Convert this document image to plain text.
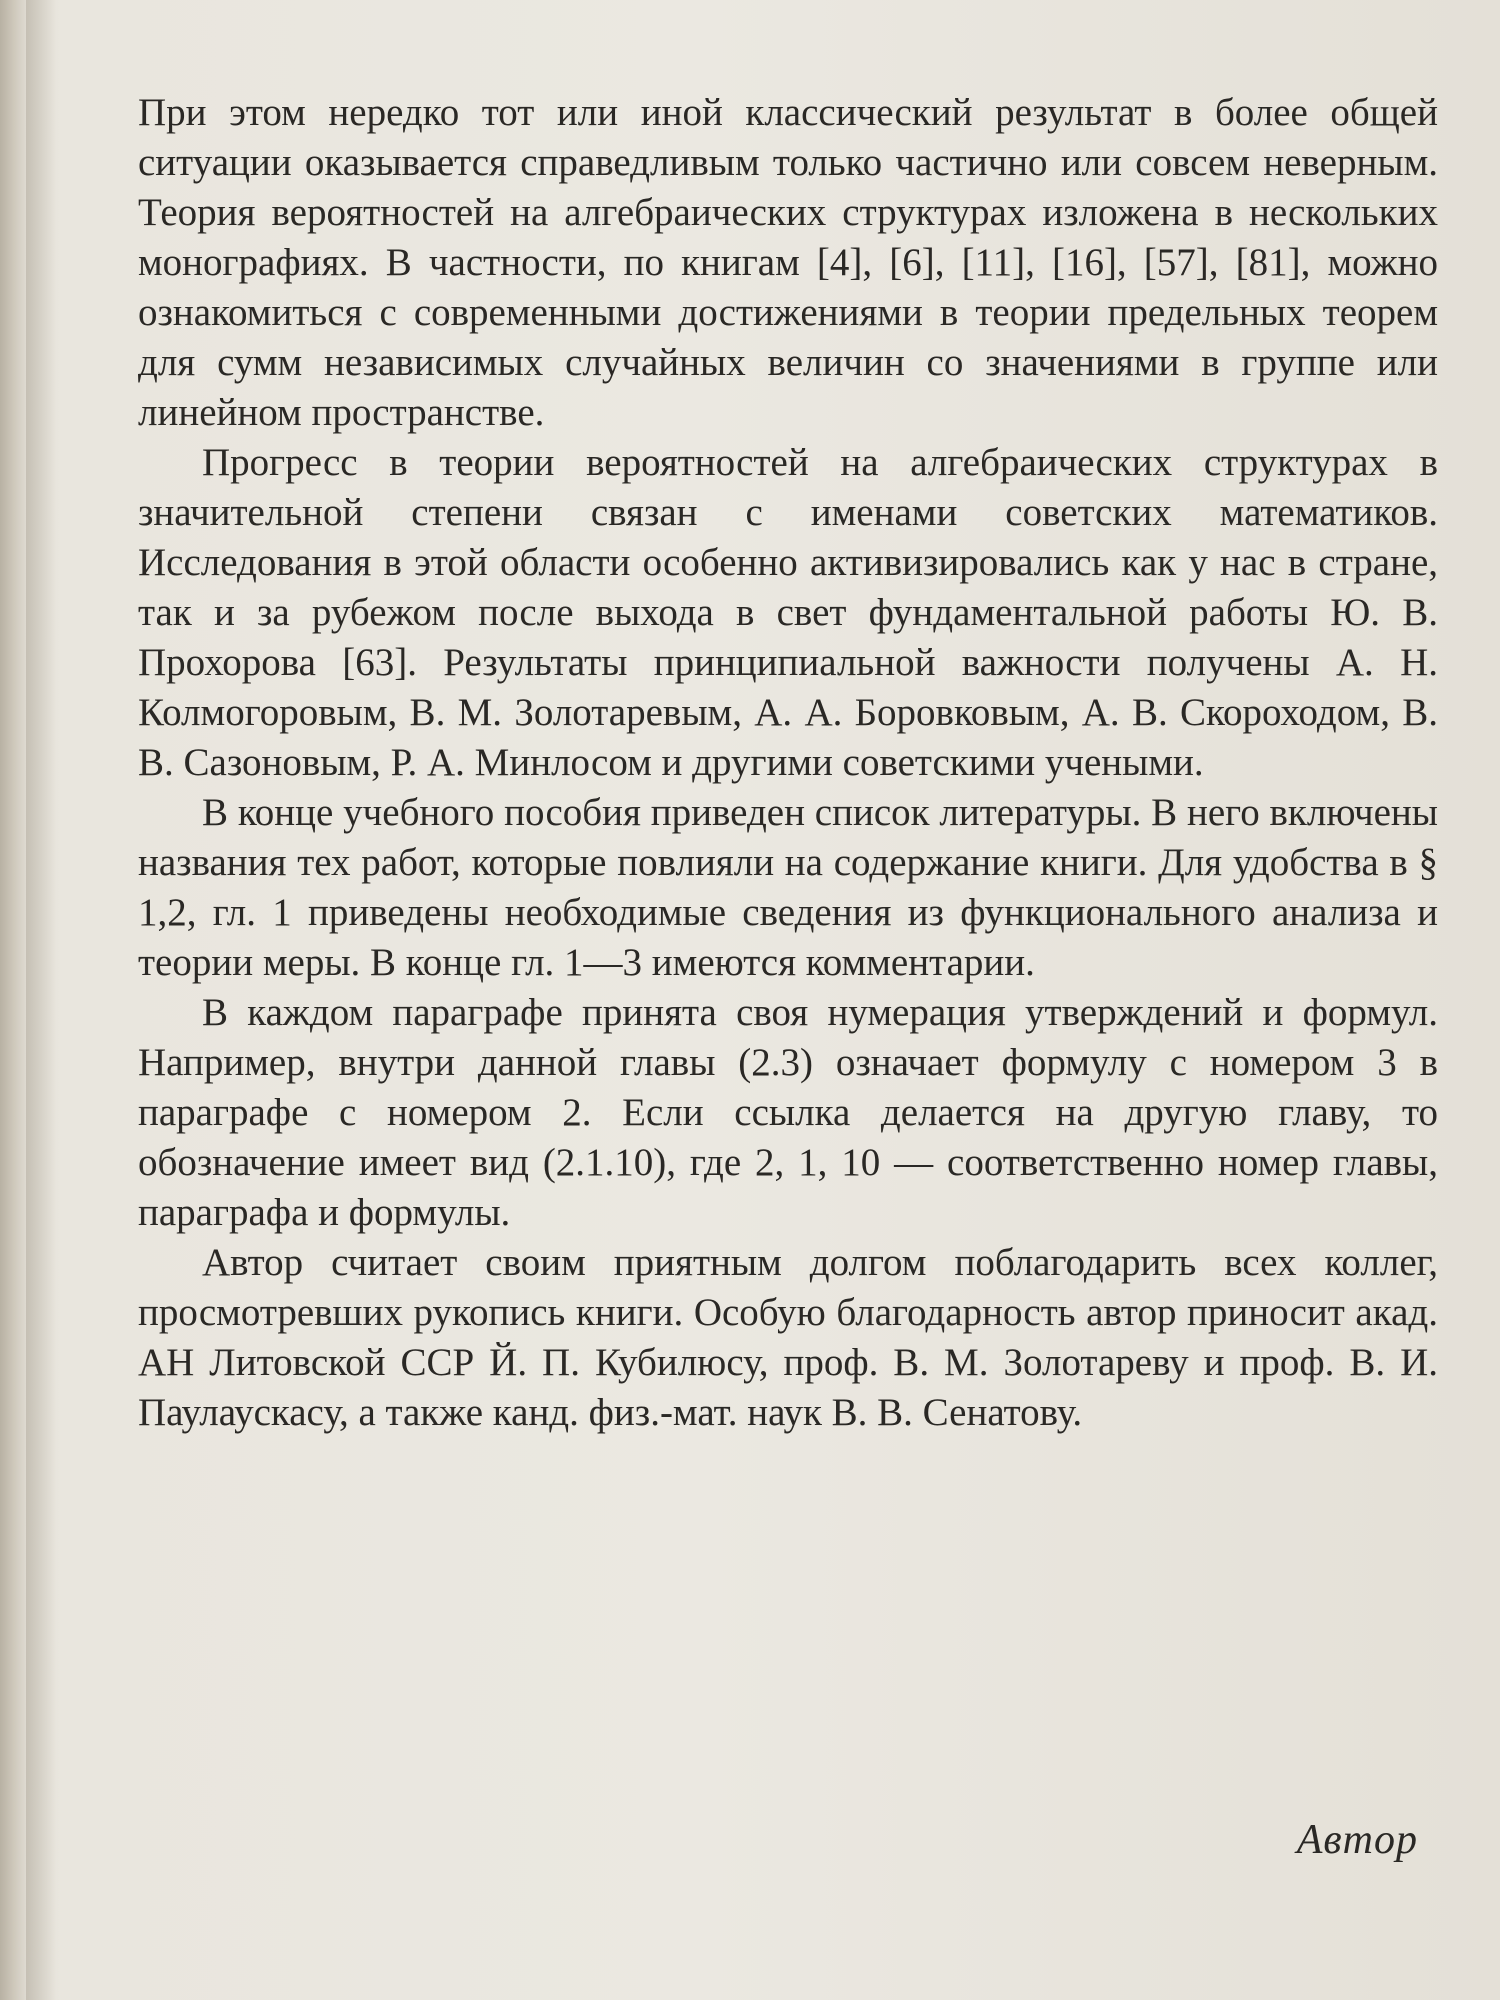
При этом нередко тот или иной классический результат в более общей ситуации оказывается справедливым только частично или совсем неверным. Теория вероятностей на алгебраических структурах изложена в нескольких монографиях. В частности, по книгам [4], [6], [11], [16], [57], [81], можно ознакомиться с современными достижениями в теории предельных теорем для сумм независимых случайных величин со значениями в группе или линейном пространстве.

Прогресс в теории вероятностей на алгебраических структурах в значительной степени связан с именами советских математиков. Исследования в этой области особенно активизировались как у нас в стране, так и за рубежом после выхода в свет фундаментальной работы Ю. В. Прохорова [63]. Результаты принципиальной важности получены А. Н. Колмогоровым, В. М. Золотаревым, А. А. Боровковым, А. В. Скороходом, В. В. Сазоновым, Р. А. Минлосом и другими советскими учеными.

В конце учебного пособия приведен список литературы. В него включены названия тех работ, которые повлияли на содержание книги. Для удобства в § 1,2, гл. 1 приведены необходимые сведения из функционального анализа и теории меры. В конце гл. 1—3 имеются комментарии.

В каждом параграфе принята своя нумерация утверждений и формул. Например, внутри данной главы (2.3) означает формулу с номером 3 в параграфе с номером 2. Если ссылка делается на другую главу, то обозначение имеет вид (2.1.10), где 2, 1, 10 — соответственно номер главы, параграфа и формулы.

Автор считает своим приятным долгом поблагодарить всех коллег, просмотревших рукопись книги. Особую благодарность автор приносит акад. АН Литовской ССР Й. П. Кубилюсу, проф. В. М. Золотареву и проф. В. И. Паулаускасу, а также канд. физ.-мат. наук В. В. Сенатову.

Автор
